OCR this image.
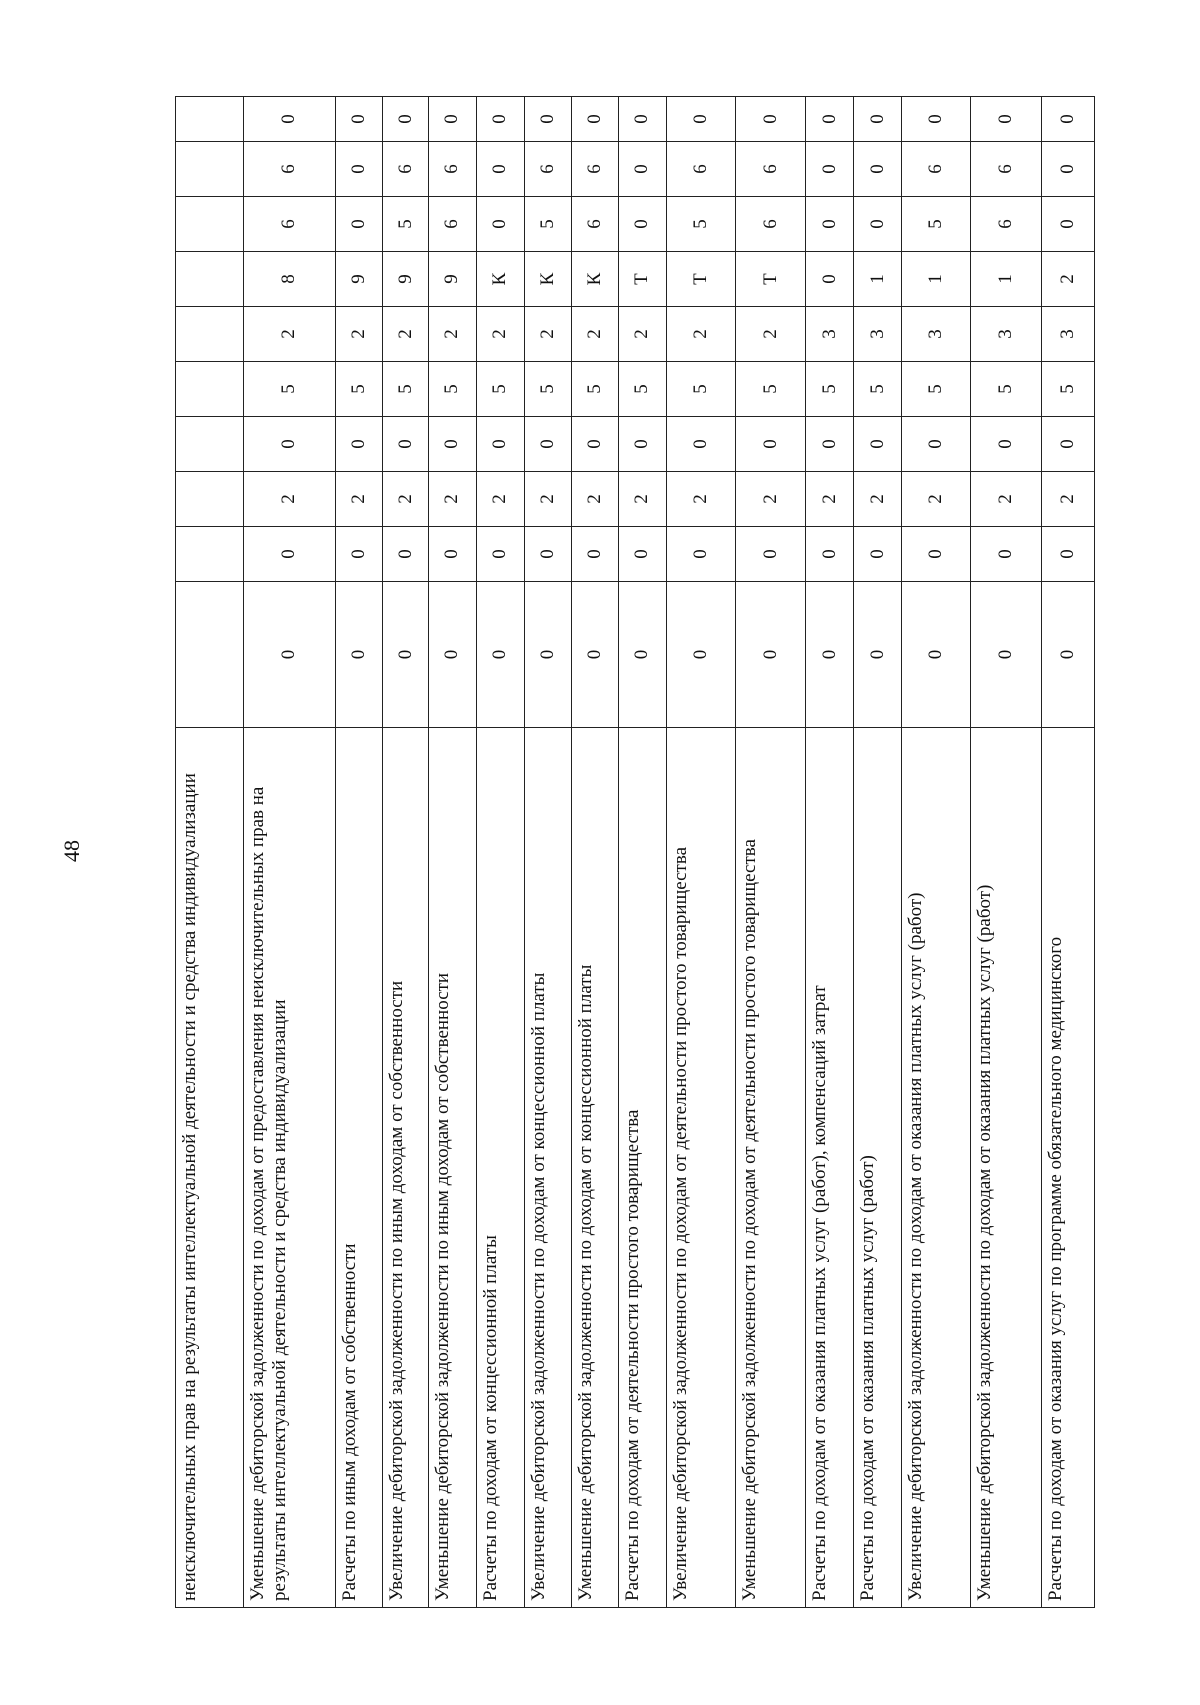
48	неисключительных прав на результаты интеллектуальной деятельности и средства индивидуализации										
Уменьшение дебиторской задолженности по доходам от предоставления неисключительных прав на результаты интеллектуальной деятельности и средства индивидуализации	0	0	2	0	5	2	8	6	6	0
Расчеты по иным доходам от собственности	0	0	2	0	5	2	9	0	0	0
Увеличение дебиторской задолженности по иным доходам от собственности	0	0	2	0	5	2	9	5	6	0
Уменьшение дебиторской задолженности по иным доходам от собственности	0	0	2	0	5	2	9	6	6	0
Расчеты по доходам от концессионной платы	0	0	2	0	5	2	К	0	0	0
Увеличение дебиторской задолженности по доходам от концессионной платы	0	0	2	0	5	2	К	5	6	0
Уменьшение дебиторской задолженности по доходам от концессионной платы	0	0	2	0	5	2	К	6	6	0
Расчеты по доходам от деятельности простого товарищества	0	0	2	0	5	2	Т	0	0	0
Увеличение дебиторской задолженности по доходам от деятельности простого товарищества	0	0	2	0	5	2	Т	5	6	0
Уменьшение дебиторской задолженности по доходам от деятельности простого товарищества	0	0	2	0	5	2	Т	6	6	0
Расчеты по доходам от оказания платных услуг (работ), компенсаций затрат	0	0	2	0	5	3	0	0	0	0
Расчеты по доходам от оказания платных услуг (работ)	0	0	2	0	5	3	1	0	0	0
Увеличение дебиторской задолженности по доходам от оказания платных услуг (работ)	0	0	2	0	5	3	1	5	6	0
Уменьшение дебиторской задолженности по доходам от оказания платных услуг (работ)	0	0	2	0	5	3	1	6	6	0
Расчеты по доходам от оказания услуг по программе обязательного медицинского	0	0	2	0	5	3	2	0	0	0
